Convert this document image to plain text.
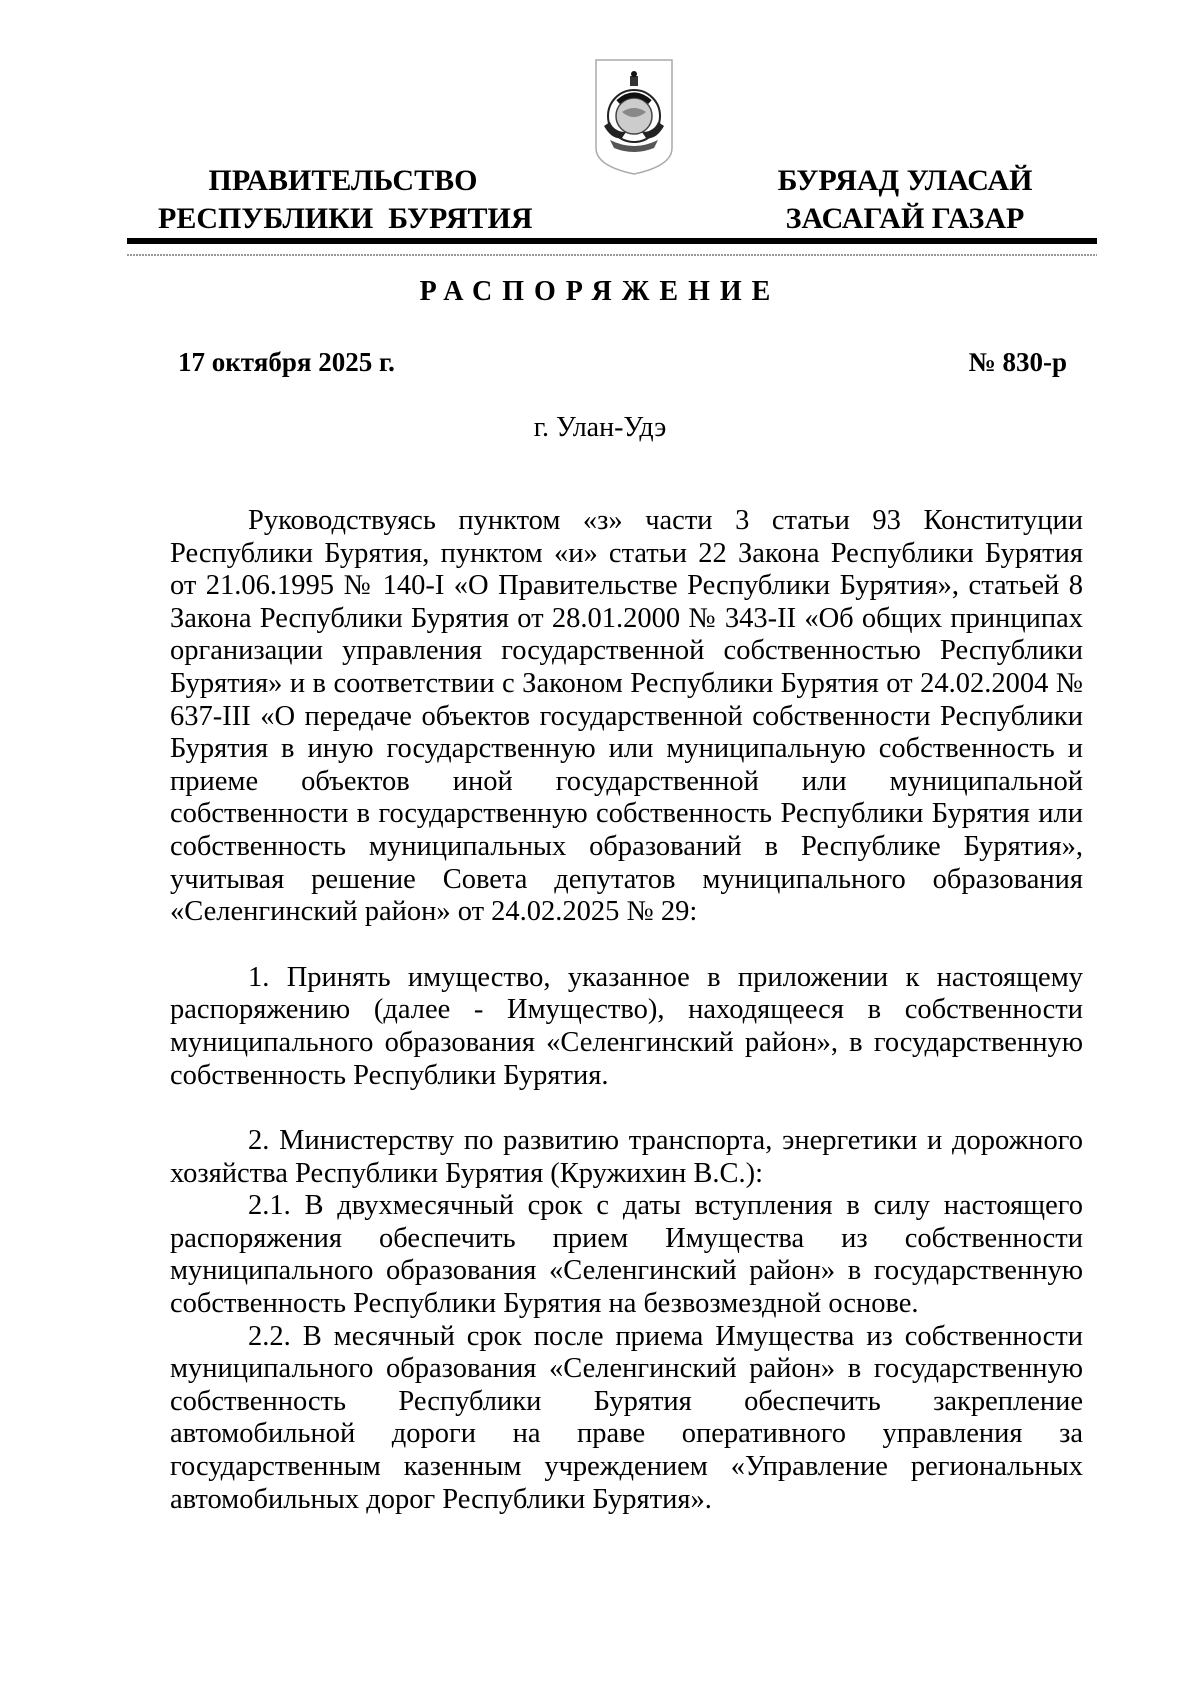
ПРАВИТЕЛЬСТВО
РЕСПУБЛИКИ  БУРЯТИЯ
БУРЯАД УЛАСАЙ
ЗАСАГАЙ ГАЗАР
РАСПОРЯЖЕНИЕ
17 октября 2025 г.	№ 830-р
г. Улан-Удэ

Руководствуясь пунктом «з» части 3 статьи 93 Конституции Республики Бурятия, пунктом «и» статьи 22 Закона Республики Бурятия от 21.06.1995 № 140-I «О Правительстве Республики Бурятия», статьей 8 Закона Республики Бурятия от 28.01.2000 № 343-II «Об общих принципах организации управления государственной собственностью Республики Бурятия» и в соответствии с Законом Республики Бурятия от 24.02.2004 № 637-III «О передаче объектов государственной собственности Республики Бурятия в иную государственную или муниципальную собственность и приеме объектов иной государственной или муниципальной собственности в государственную собственность Республики Бурятия или собственность муниципальных образований в Республике Бурятия», учитывая решение Совета депутатов муниципального образования «Селенгинский район» от 24.02.2025 № 29:

1. Принять имущество, указанное в приложении к настоящему распоряжению (далее - Имущество), находящееся в собственности муниципального образования «Селенгинский район», в государственную собственность Республики Бурятия.

2. Министерству по развитию транспорта, энергетики и дорожного хозяйства Республики Бурятия (Кружихин В.С.):

2.1. В двухмесячный срок с даты вступления в силу настоящего распоряжения обеспечить прием Имущества из собственности муниципального образования «Селенгинский район» в государственную собственность Республики Бурятия на безвозмездной основе.

2.2. В месячный срок после приема Имущества из собственности муниципального образования «Селенгинский район» в государственную собственность Республики Бурятия обеспечить закрепление автомобильной дороги на праве оперативного управления за государственным казенным учреждением «Управление региональных автомобильных дорог Республики Бурятия».
